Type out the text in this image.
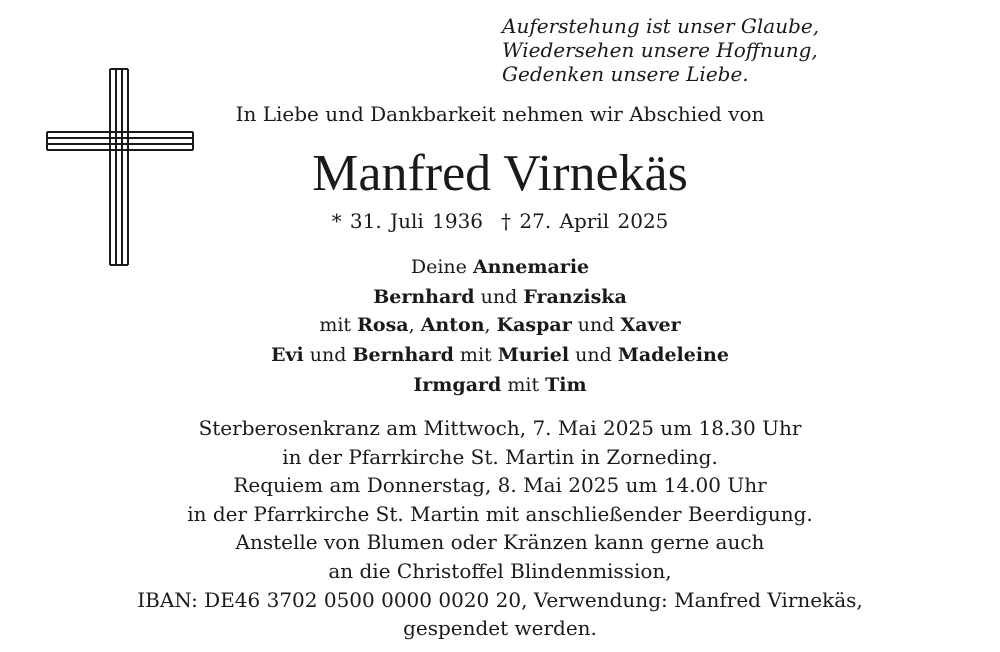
Auferstehung ist unser Glaube,
Wiedersehen unsere Hoffnung,
Gedenken unsere Liebe.
In Liebe und Dankbarkeit nehmen wir Abschied von
Manfred Virnekäs
* 31. Juli 1936 † 27. April 2025
Deine Annemarie
Bernhard und Franziska
mit Rosa, Anton, Kaspar und Xaver
Evi und Bernhard mit Muriel und Madeleine
Irmgard mit Tim
Sterberosenkranz am Mittwoch, 7. Mai 2025 um 18.30 Uhr
in der Pfarrkirche St. Martin in Zorneding.
Requiem am Donnerstag, 8. Mai 2025 um 14.00 Uhr
in der Pfarrkirche St. Martin mit anschließender Beerdigung.
Anstelle von Blumen oder Kränzen kann gerne auch
an die Christoffel Blindenmission,
IBAN: DE46 3702 0500 0000 0020 20, Verwendung: Manfred Virnekäs,
gespendet werden.
